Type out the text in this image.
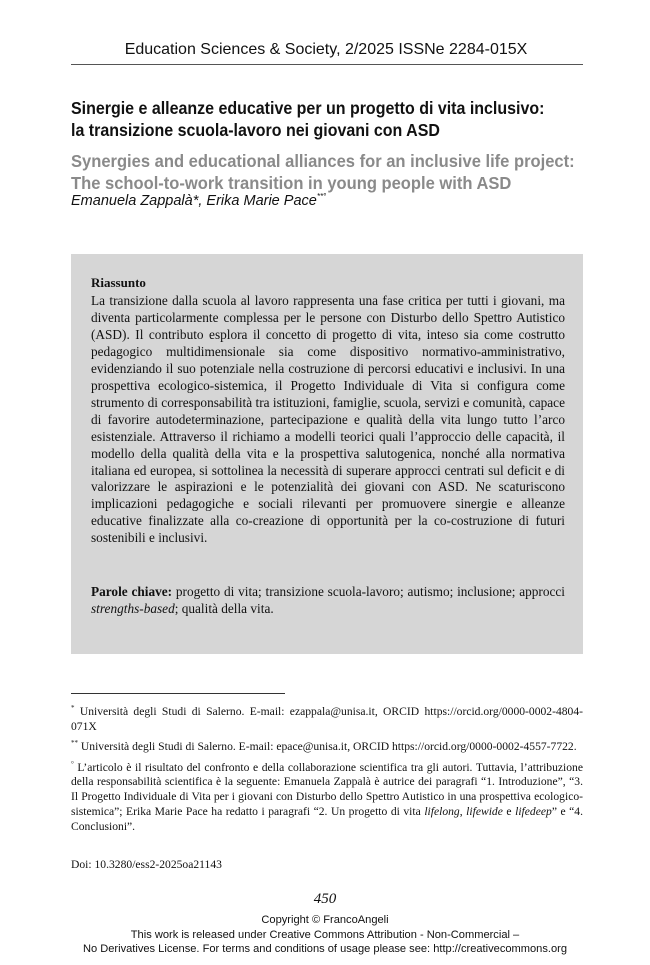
Education Sciences & Society, 2/2025 ISSNe 2284-015X
Sinergie e alleanze educative per un progetto di vita inclusivo:
la transizione scuola-lavoro nei giovani con ASD
Synergies and educational alliances for an inclusive life project:
The school-to-work transition in young people with ASD
Emanuela Zappalà*, Erika Marie Pace**°
Riassunto
La transizione dalla scuola al lavoro rappresenta una fase critica per tutti i giovani, ma diventa particolarmente complessa per le persone con Disturbo dello Spettro Autistico (ASD). Il contributo esplora il concetto di progetto di vita, inteso sia come costrutto pedagogico multidimensionale sia come dispositivo normativo-amministrativo, evidenziando il suo potenziale nella costruzione di percorsi educativi e inclusivi. In una prospettiva ecologico-sistemica, il Progetto Individuale di Vita si configura come strumento di corresponsabilità tra istituzioni, famiglie, scuola, servizi e comunità, capace di favorire autodeterminazione, partecipazione e qualità della vita lungo tutto l’arco esistenziale. Attraverso il richiamo a modelli teorici quali l’approccio delle capacità, il modello della qualità della vita e la prospettiva salutogenica, nonché alla normativa italiana ed europea, si sottolinea la necessità di superare approcci centrati sul deficit e di valorizzare le aspirazioni e le potenzialità dei giovani con ASD. Ne scaturiscono implicazioni pedagogiche e sociali rilevanti per promuovere sinergie e alleanze educative finalizzate alla co-creazione di opportunità per la co-costruzione di futuri sostenibili e inclusivi.
Parole chiave: progetto di vita; transizione scuola-lavoro; autismo; inclusione; approcci strengths-based; qualità della vita.

* Università degli Studi di Salerno. E-mail: ezappala@unisa.it, ORCID https://orcid.org/0000-0002-4804-071X

** Università degli Studi di Salerno. E-mail: epace@unisa.it, ORCID https://orcid.org/0000-0002-4557-7722.

° L’articolo è il risultato del confronto e della collaborazione scientifica tra gli autori. Tuttavia, l’attribuzione della responsabilità scientifica è la seguente: Emanuela Zappalà è autrice dei paragrafi “1. Introduzione”, “3. Il Progetto Individuale di Vita per i giovani con Disturbo dello Spettro Autistico in una prospettiva ecologico-sistemica”; Erika Marie Pace ha redatto i paragrafi “2. Un progetto di vita lifelong, lifewide e lifedeep” e “4. Conclusioni”.

Doi: 10.3280/ess2-2025oa21143
450
Copyright © FrancoAngeli
This work is released under Creative Commons Attribution - Non-Commercial –
No Derivatives License. For terms and conditions of usage please see: http://creativecommons.org
